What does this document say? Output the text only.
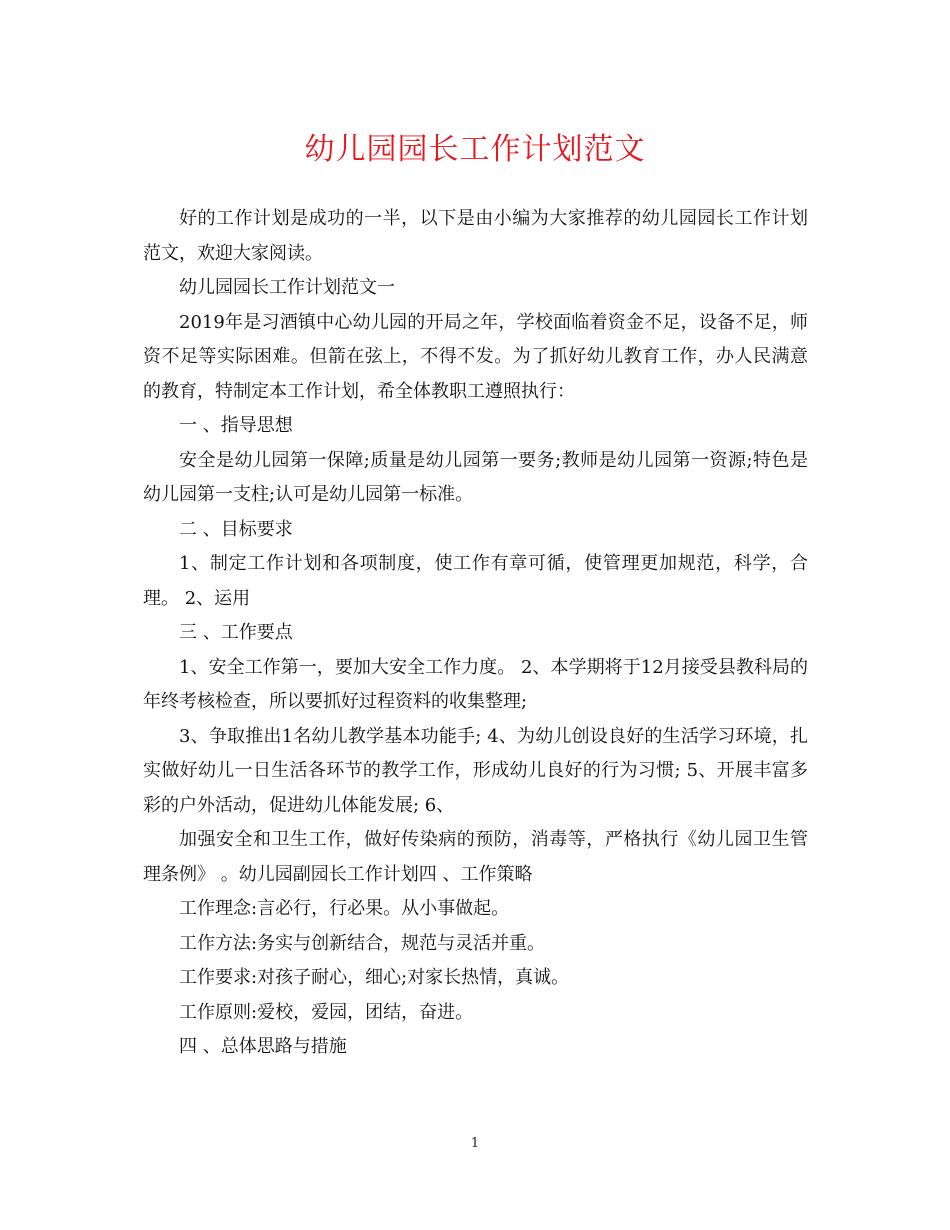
幼儿园园长工作计划范文

好的工作计划是成功的一半，以下是由小编为大家推荐的幼儿园园长工作计划范文，欢迎大家阅读。

幼儿园园长工作计划范文一

2019年是习酒镇中心幼儿园的开局之年，学校面临着资金不足，设备不足，师资不足等实际困难。但箭在弦上，不得不发。为了抓好幼儿教育工作，办人民满意的教育，特制定本工作计划，希全体教职工遵照执行：

一 、指导思想

安全是幼儿园第一保障;质量是幼儿园第一要务;教师是幼儿园第一资源;特色是幼儿园第一支柱;认可是幼儿园第一标准。

二 、目标要求

1、制定工作计划和各项制度，使工作有章可循，使管理更加规范，科学，合理。 2、运用

三 、工作要点

1、安全工作第一，要加大安全工作力度。 2、本学期将于12月接受县教科局的年终考核检查，所以要抓好过程资料的收集整理;

3、争取推出1名幼儿教学基本功能手; 4、为幼儿创设良好的生活学习环境，扎实做好幼儿一日生活各环节的教学工作，形成幼儿良好的行为习惯; 5、开展丰富多彩的户外活动，促进幼儿体能发展; 6、

加强安全和卫生工作，做好传染病的预防，消毒等，严格执行《幼儿园卫生管理条例》 。幼儿园副园长工作计划四 、工作策略

工作理念:言必行，行必果。从小事做起。

工作方法:务实与创新结合，规范与灵活并重。

工作要求:对孩子耐心，细心;对家长热情，真诚。

工作原则:爱校，爱园，团结，奋进。

四 、总体思路与措施

1
